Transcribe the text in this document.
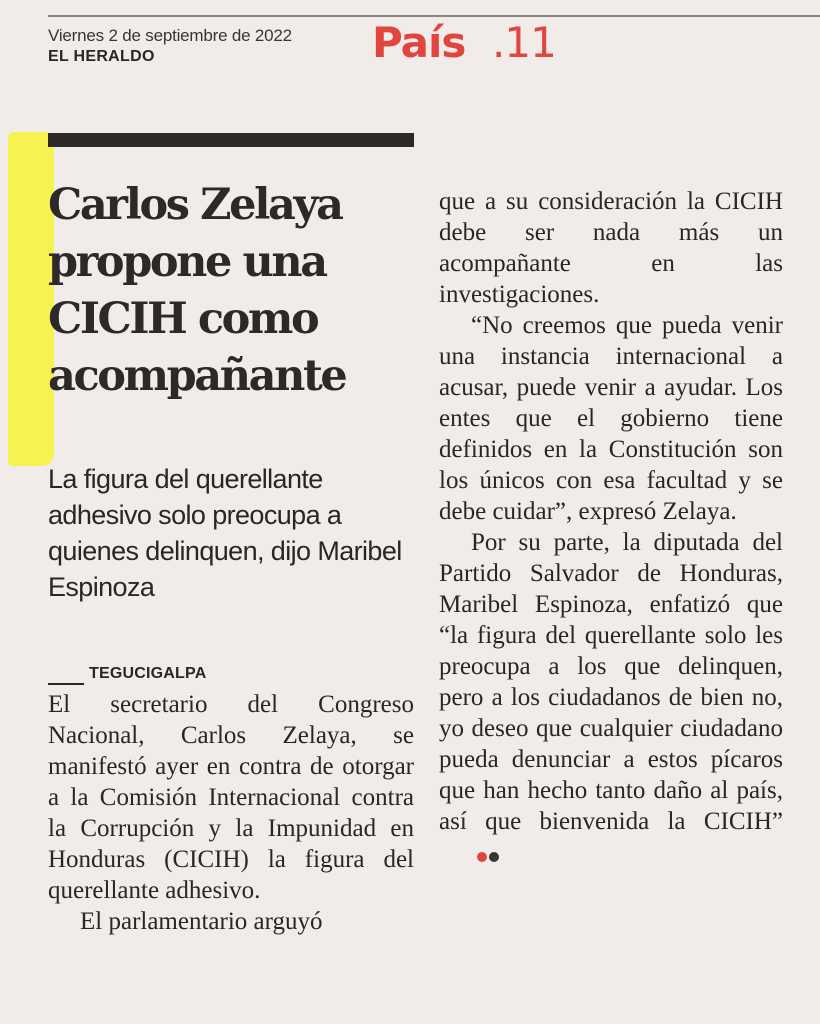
Viernes 2 de septiembre de 2022
EL HERALDO	País .11
Carlos Zelaya propone una CICIH como acompañante

La figura del querellante adhesivo solo preocupa a quienes delinquen, dijo Maribel Espinoza

TEGUCIGALPA

El secretario del Congreso Nacional, Carlos Zelaya, se manifestó ayer en contra de otorgar a la Comisión Internacional contra la Corrupción y la Impunidad en Honduras (CICIH) la figura del querellante adhesivo.

El parlamentario arguyó

que a su consideración la CICIH debe ser nada más un acompañante en las investigaciones.

“No creemos que pueda venir una instancia internacional a acusar, puede venir a ayudar. Los entes que el gobierno tiene definidos en la Constitución son los únicos con esa facultad y se debe cuidar”, expresó Zelaya.

Por su parte, la diputada del Partido Salvador de Honduras, Maribel Espinoza, enfatizó que “la figura del querellante solo les preocupa a los que delinquen, pero a los ciudadanos de bien no, yo deseo que cualquier ciudadano pueda denunciar a estos pícaros que han hecho tanto daño al país, así que bienvenida la CICIH”
